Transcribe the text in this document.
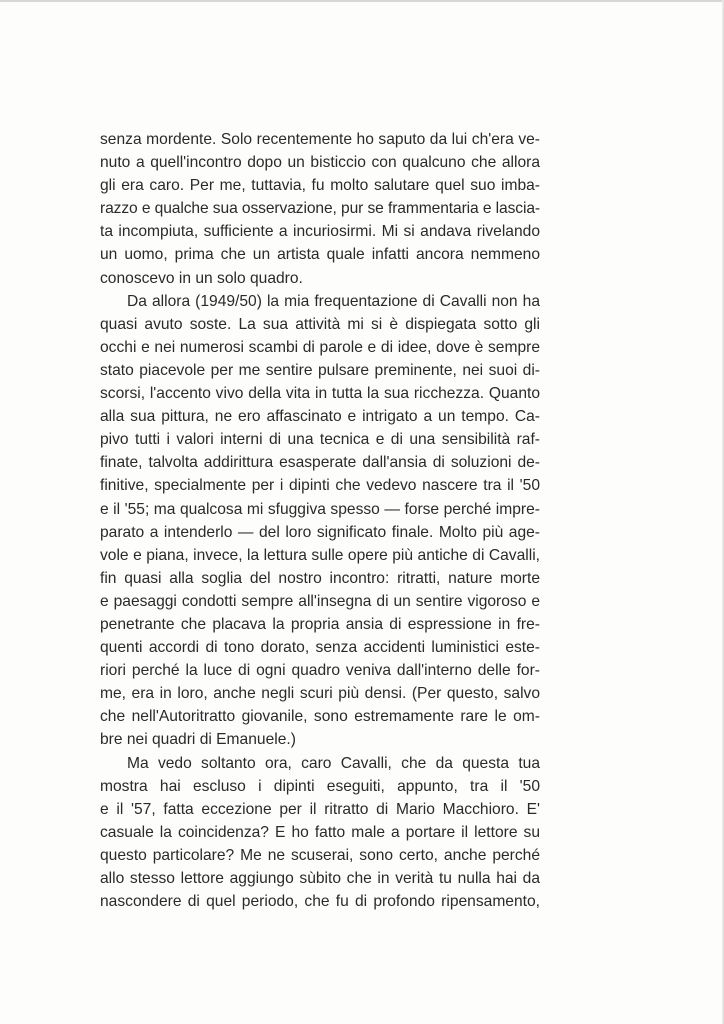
senza mordente. Solo recentemente ho saputo da lui ch'era ve-
nuto a quell'incontro dopo un bisticcio con qualcuno che allora
gli era caro. Per me, tuttavia, fu molto salutare quel suo imba-
razzo e qualche sua osservazione, pur se frammentaria e lascia-
ta incompiuta, sufficiente a incuriosirmi. Mi si andava rivelando
un uomo, prima che un artista quale infatti ancora nemmeno
conoscevo in un solo quadro.
Da allora (1949/50) la mia frequentazione di Cavalli non ha
quasi avuto soste. La sua attività mi si è dispiegata sotto gli
occhi e nei numerosi scambi di parole e di idee, dove è sempre
stato piacevole per me sentire pulsare preminente, nei suoi di-
scorsi, l'accento vivo della vita in tutta la sua ricchezza. Quanto
alla sua pittura, ne ero affascinato e intrigato a un tempo. Ca-
pivo tutti i valori interni di una tecnica e di una sensibilità raf-
finate, talvolta addirittura esasperate dall'ansia di soluzioni de-
finitive, specialmente per i dipinti che vedevo nascere tra il '50
e il '55; ma qualcosa mi sfuggiva spesso — forse perché impre-
parato a intenderlo — del loro significato finale. Molto più age-
vole e piana, invece, la lettura sulle opere più antiche di Cavalli,
fin quasi alla soglia del nostro incontro: ritratti, nature morte
e paesaggi condotti sempre all'insegna di un sentire vigoroso e
penetrante che placava la propria ansia di espressione in fre-
quenti accordi di tono dorato, senza accidenti luministici este-
riori perché la luce di ogni quadro veniva dall'interno delle for-
me, era in loro, anche negli scuri più densi. (Per questo, salvo
che nell'Autoritratto giovanile, sono estremamente rare le om-
bre nei quadri di Emanuele.)
Ma vedo soltanto ora, caro Cavalli, che da questa tua
mostra hai escluso i dipinti eseguiti, appunto, tra il '50
e il '57, fatta eccezione per il ritratto di Mario Macchioro. E'
casuale la coincidenza? E ho fatto male a portare il lettore su
questo particolare? Me ne scuserai, sono certo, anche perché
allo stesso lettore aggiungo sùbito che in verità tu nulla hai da
nascondere di quel periodo, che fu di profondo ripensamento,
